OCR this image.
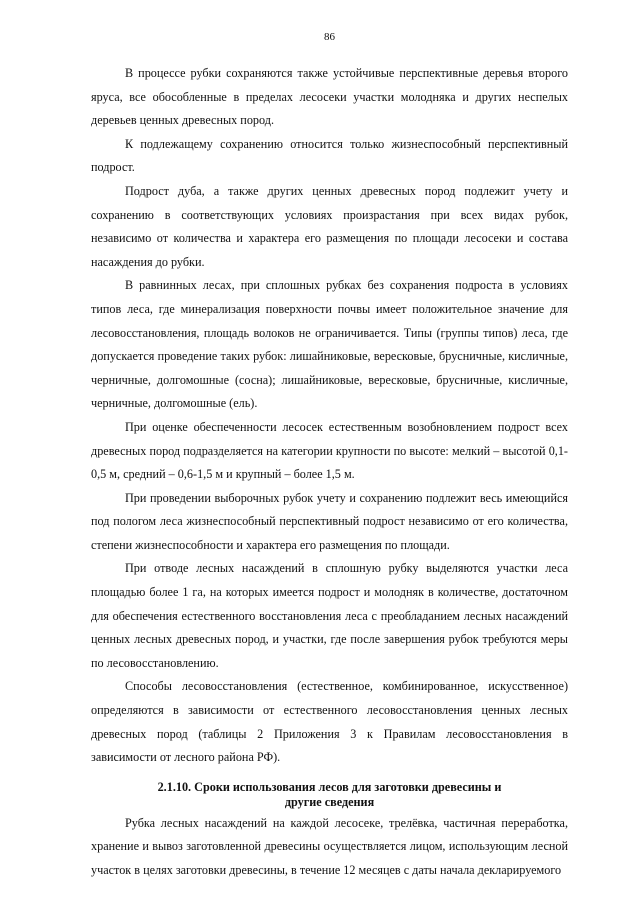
86

В процессе рубки сохраняются также устойчивые перспективные деревья второго яруса, все обособленные в пределах лесосеки участки молодняка и других неспелых деревьев ценных древесных пород.

К подлежащему сохранению относится только жизнеспособный перспективный подрост.

Подрост дуба, а также других ценных древесных пород подлежит учету и сохранению в соответствующих условиях произрастания при всех видах рубок, независимо от количества и характера его размещения по площади лесосеки и состава насаждения до рубки.

В равнинных лесах, при сплошных рубках без сохранения подроста в условиях типов леса, где минерализация поверхности почвы имеет положительное значение для лесовосстановления, площадь волоков не ограничивается. Типы (группы типов) леса, где допускается проведение таких рубок: лишайниковые, вересковые, брусничные, кисличные, черничные, долгомошные (сосна); лишайниковые, вересковые, брусничные, кисличные, черничные, долгомошные (ель).

При оценке обеспеченности лесосек естественным возобновлением подрост всех древесных пород подразделяется на категории крупности по высоте: мелкий – высотой 0,1-0,5 м, средний – 0,6-1,5 м и крупный – более 1,5 м.

При проведении выборочных рубок учету и сохранению подлежит весь имеющийся под пологом леса жизнеспособный перспективный подрост независимо от его количества, степени жизнеспособности и характера его размещения по площади.

При отводе лесных насаждений в сплошную рубку выделяются участки леса площадью более 1 га, на которых имеется подрост и молодняк в количестве, достаточном для обеспечения естественного восстановления леса с преобладанием лесных насаждений ценных лесных древесных пород, и участки, где после завершения рубок требуются меры по лесовосстановлению.

Способы лесовосстановления (естественное, комбинированное, искусственное) определяются в зависимости от естественного лесовосстановления ценных лесных древесных пород (таблицы 2 Приложения 3 к Правилам лесовосстановления в зависимости от лесного района РФ).

2.1.10. Сроки использования лесов для заготовки древесины и
другие сведения

Рубка лесных насаждений на каждой лесосеке, трелёвка, частичная переработка, хранение и вывоз заготовленной древесины осуществляется лицом, использующим лесной участок в целях заготовки древесины, в течение 12 месяцев с даты начала декларируемого
